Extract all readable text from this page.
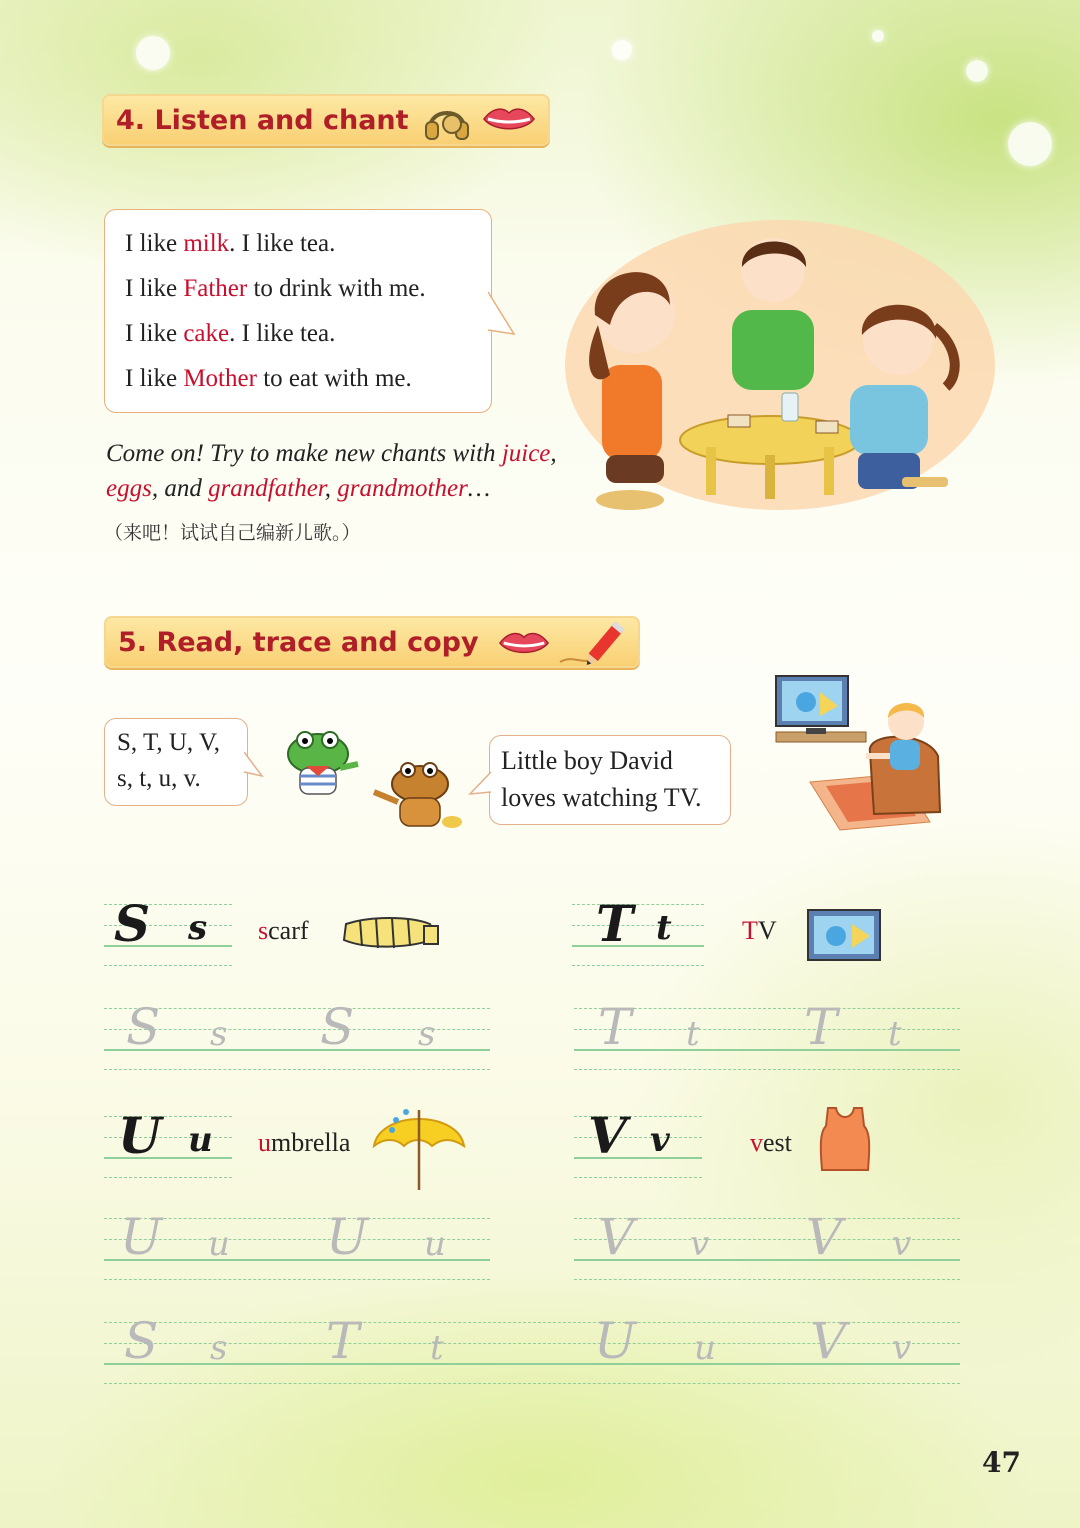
4. Listen and chant
I like milk. I like tea.
I like Father to drink with me.
I like cake. I like tea.
I like Mother to eat with me.
Come on! Try to make new chants with juice,
eggs, and grandfather, grandmother…
（来吧！试试自己编新儿歌。）
5. Read, trace and copy
S, T, U, V,
s, t, u, v.
Little boy David
loves watching TV.
S s scarf	T t	TV
S s S s	T t T t
U u umbrella	V v	vest
U u U u	V v V v
S s T t	U u V v
47
